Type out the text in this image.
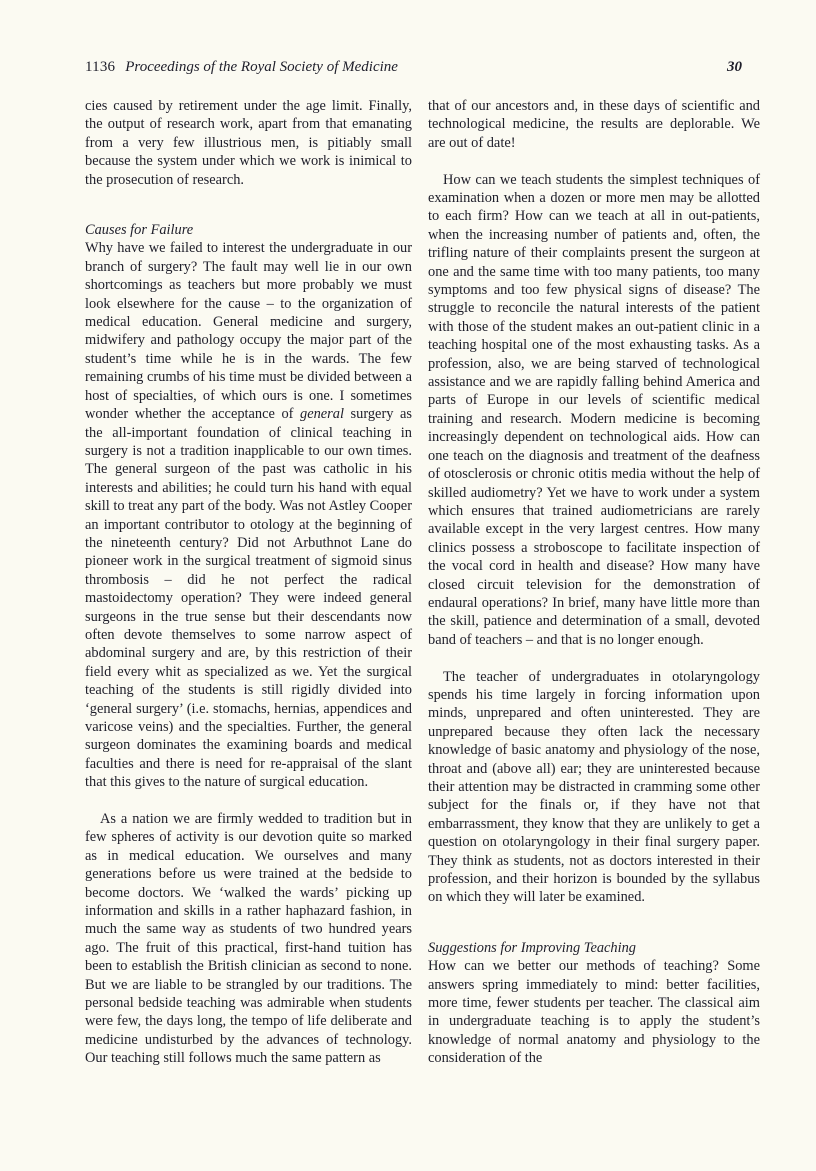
1136 Proceedings of the Royal Society of Medicine	30

cies caused by retirement under the age limit. Finally, the output of research work, apart from that emanating from a very few illustrious men, is pitiably small because the system under which we work is inimical to the prosecution of research.

Causes for Failure

Why have we failed to interest the undergraduate in our branch of surgery? The fault may well lie in our own shortcomings as teachers but more probably we must look elsewhere for the cause – to the organization of medical education. General medicine and surgery, midwifery and pathology occupy the major part of the student’s time while he is in the wards. The few remaining crumbs of his time must be divided between a host of specialties, of which ours is one. I sometimes wonder whether the acceptance of general surgery as the all-important foundation of clinical teaching in surgery is not a tradition inapplicable to our own times. The general surgeon of the past was catholic in his interests and abilities; he could turn his hand with equal skill to treat any part of the body. Was not Astley Cooper an important contributor to otology at the beginning of the nineteenth century? Did not Arbuthnot Lane do pioneer work in the surgical treatment of sigmoid sinus thrombosis – did he not perfect the radical mastoidectomy operation? They were indeed general surgeons in the true sense but their descendants now often devote themselves to some narrow aspect of abdominal surgery and are, by this restriction of their field every whit as specialized as we. Yet the surgical teaching of the students is still rigidly divided into ‘general surgery’ (i.e. stomachs, hernias, appendices and varicose veins) and the specialties. Further, the general surgeon dominates the examining boards and medical faculties and there is need for re-appraisal of the slant that this gives to the nature of surgical education.

As a nation we are firmly wedded to tradition but in few spheres of activity is our devotion quite so marked as in medical education. We ourselves and many generations before us were trained at the bedside to become doctors. We ‘walked the wards’ picking up information and skills in a rather haphazard fashion, in much the same way as students of two hundred years ago. The fruit of this practical, first-hand tuition has been to establish the British clinician as second to none. But we are liable to be strangled by our traditions. The personal bedside teaching was admirable when students were few, the days long, the tempo of life deliberate and medicine undisturbed by the advances of technology. Our teaching still follows much the same pattern as

that of our ancestors and, in these days of scientific and technological medicine, the results are deplorable. We are out of date!

How can we teach students the simplest techniques of examination when a dozen or more men may be allotted to each firm? How can we teach at all in out-patients, when the increasing number of patients and, often, the trifling nature of their complaints present the surgeon at one and the same time with too many patients, too many symptoms and too few physical signs of disease? The struggle to reconcile the natural interests of the patient with those of the student makes an out-patient clinic in a teaching hospital one of the most exhausting tasks. As a profession, also, we are being starved of technological assistance and we are rapidly falling behind America and parts of Europe in our levels of scientific medical training and research. Modern medicine is becoming increasingly dependent on technological aids. How can one teach on the diagnosis and treatment of the deafness of otosclerosis or chronic otitis media without the help of skilled audiometry? Yet we have to work under a system which ensures that trained audiometricians are rarely available except in the very largest centres. How many clinics possess a stroboscope to facilitate inspection of the vocal cord in health and disease? How many have closed circuit television for the demonstration of endaural operations? In brief, many have little more than the skill, patience and determination of a small, devoted band of teachers – and that is no longer enough.

The teacher of undergraduates in otolaryngology spends his time largely in forcing information upon minds, unprepared and often uninterested. They are unprepared because they often lack the necessary knowledge of basic anatomy and physiology of the nose, throat and (above all) ear; they are uninterested because their attention may be distracted in cramming some other subject for the finals or, if they have not that embarrassment, they know that they are unlikely to get a question on otolaryngology in their final surgery paper. They think as students, not as doctors interested in their profession, and their horizon is bounded by the syllabus on which they will later be examined.

Suggestions for Improving Teaching

How can we better our methods of teaching? Some answers spring immediately to mind: better facilities, more time, fewer students per teacher. The classical aim in undergraduate teaching is to apply the student’s knowledge of normal anatomy and physiology to the consideration of the
